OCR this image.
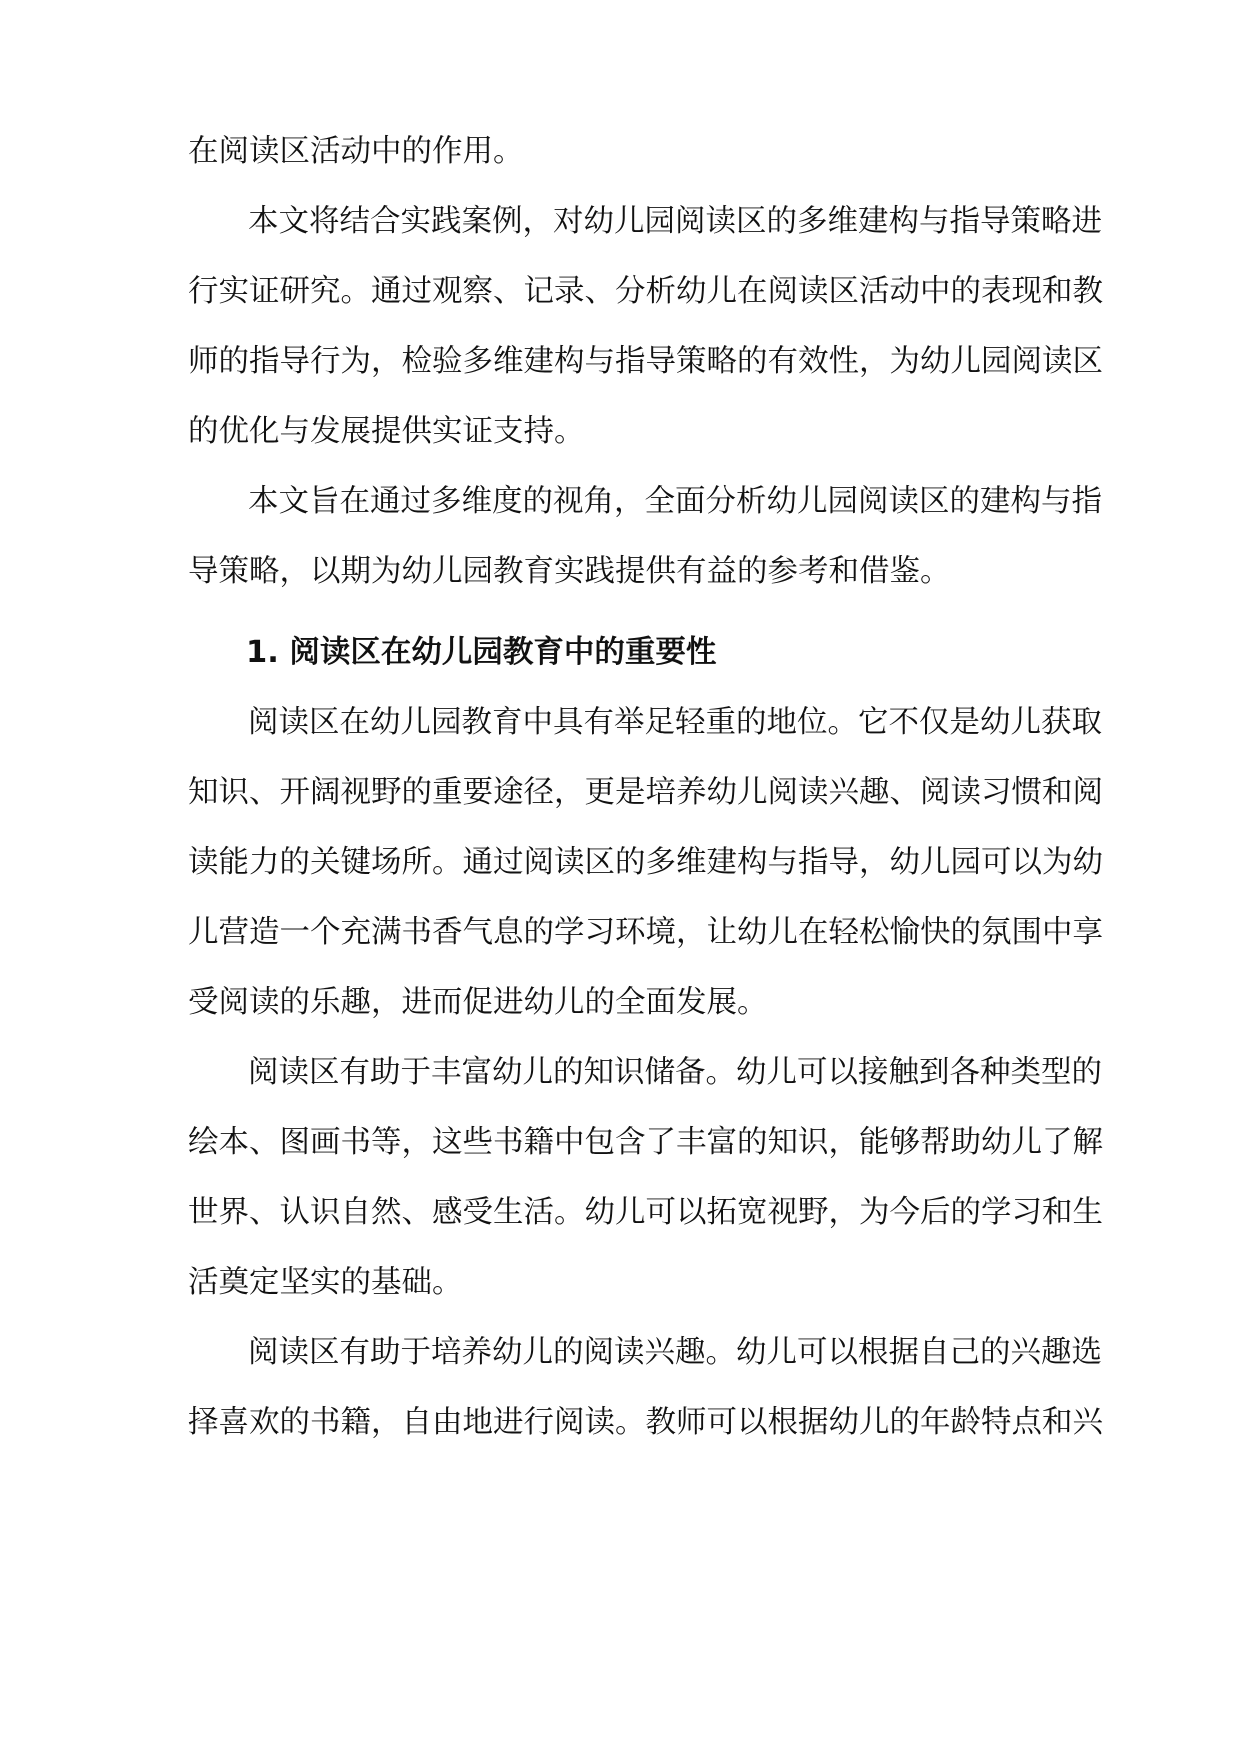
在阅读区活动中的作用。
本文将结合实践案例，对幼儿园阅读区的多维建构与指导策略进
行实证研究。通过观察、记录、分析幼儿在阅读区活动中的表现和教
师的指导行为，检验多维建构与指导策略的有效性，为幼儿园阅读区
的优化与发展提供实证支持。
本文旨在通过多维度的视角，全面分析幼儿园阅读区的建构与指
导策略，以期为幼儿园教育实践提供有益的参考和借鉴。
1. 阅读区在幼儿园教育中的重要性
阅读区在幼儿园教育中具有举足轻重的地位。它不仅是幼儿获取
知识、开阔视野的重要途径，更是培养幼儿阅读兴趣、阅读习惯和阅
读能力的关键场所。通过阅读区的多维建构与指导，幼儿园可以为幼
儿营造一个充满书香气息的学习环境，让幼儿在轻松愉快的氛围中享
受阅读的乐趣，进而促进幼儿的全面发展。
阅读区有助于丰富幼儿的知识储备。幼儿可以接触到各种类型的
绘本、图画书等，这些书籍中包含了丰富的知识，能够帮助幼儿了解
世界、认识自然、感受生活。幼儿可以拓宽视野，为今后的学习和生
活奠定坚实的基础。
阅读区有助于培养幼儿的阅读兴趣。幼儿可以根据自己的兴趣选
择喜欢的书籍，自由地进行阅读。教师可以根据幼儿的年龄特点和兴
